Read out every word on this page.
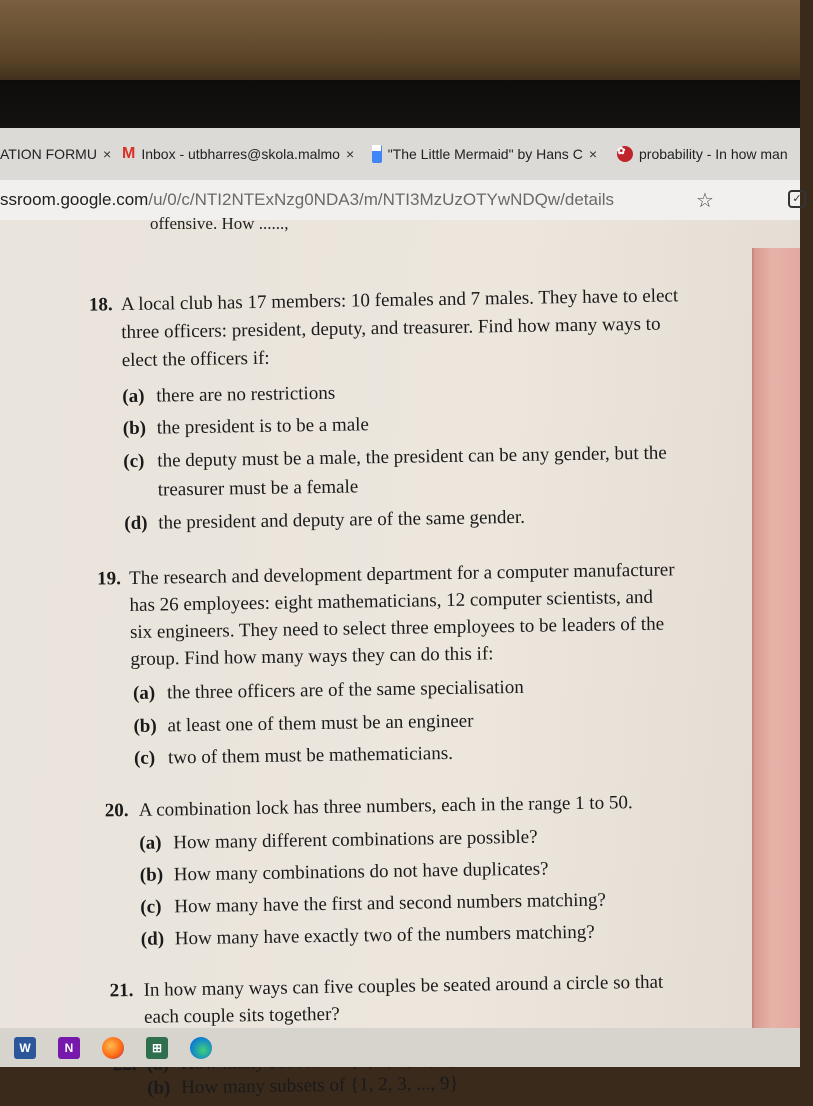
ATION FORMU × M Inbox - utbharres@skola.malmo × "The Little Mermaid" by Hans C × ✿ probability - In how man
ssroom.google.com/u/0/c/NTI2NTExNzg0NDA3/m/NTI3MzUzOTYwNDQw/details	☆	✓
offensive. How ......,
18. A local club has 17 members: 10 females and 7 males. They have to elect
three officers: president, deputy, and treasurer. Find how many ways to
elect the officers if:
(a) there are no restrictions
(b) the president is to be a male
(c) the deputy must be a male, the president can be any gender, but the
treasurer must be a female
(d) the president and deputy are of the same gender.
19. The research and development department for a computer manufacturer
has 26 employees: eight mathematicians, 12 computer scientists, and
six engineers. They need to select three employees to be leaders of the
group. Find how many ways they can do this if:
(a) the three officers are of the same specialisation
(b) at least one of them must be an engineer
(c) two of them must be mathematicians.
20. A combination lock has three numbers, each in the range 1 to 50.
(a) How many different combinations are possible?
(b) How many combinations do not have duplicates?
(c) How many have the first and second numbers matching?
(d) How many have exactly two of the numbers matching?
21. In how many ways can five couples be seated around a circle so that
each couple sits together?
(b) How many subsets of {1, 2, 3, ..., 9}
W	N	⊞
